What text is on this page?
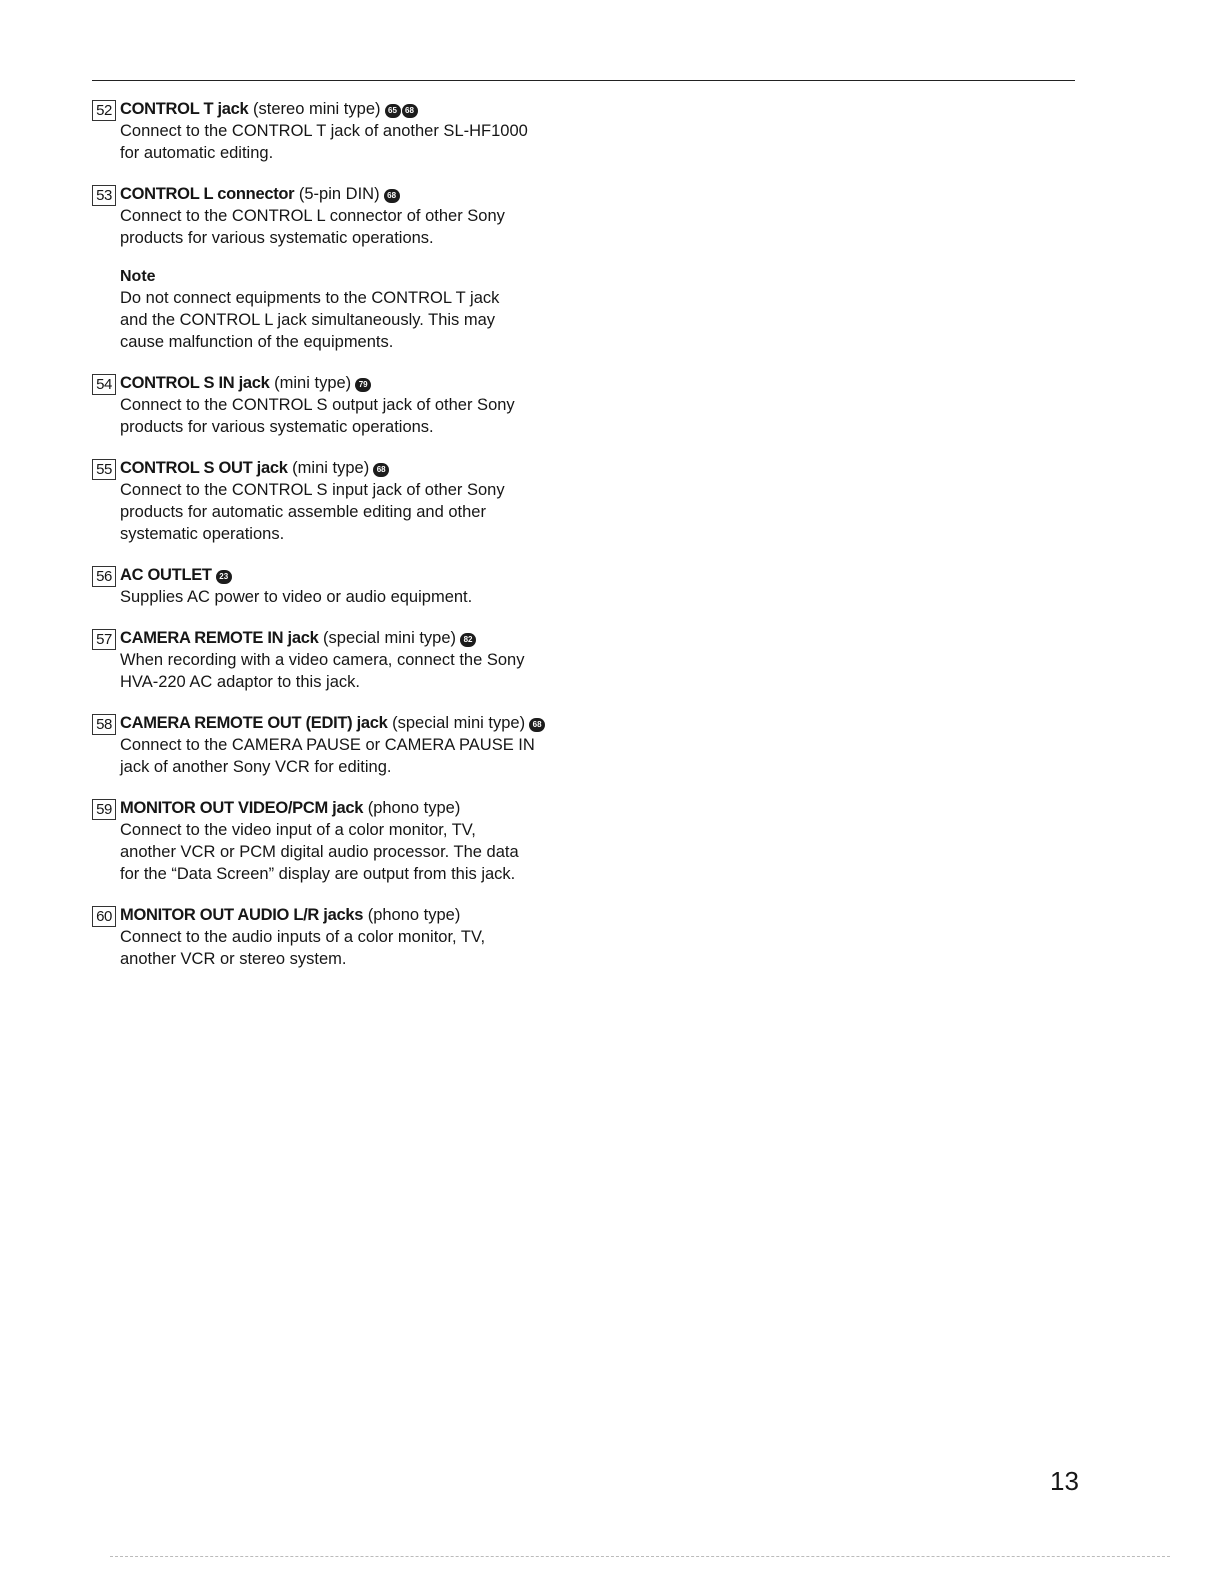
52 CONTROL T jack (stereo mini type) 65 68
Connect to the CONTROL T jack of another SL-HF1000
for automatic editing.
53 CONTROL L connector (5-pin DIN) 68
Connect to the CONTROL L connector of other Sony
products for various systematic operations.
Note
Do not connect equipments to the CONTROL T jack
and the CONTROL L jack simultaneously. This may
cause malfunction of the equipments.
54 CONTROL S IN jack (mini type) 79
Connect to the CONTROL S output jack of other Sony
products for various systematic operations.
55 CONTROL S OUT jack (mini type) 68
Connect to the CONTROL S input jack of other Sony
products for automatic assemble editing and other
systematic operations.
56 AC OUTLET 23
Supplies AC power to video or audio equipment.
57 CAMERA REMOTE IN jack (special mini type) 82
When recording with a video camera, connect the Sony
HVA-220 AC adaptor to this jack.
58 CAMERA REMOTE OUT (EDIT) jack (special mini type) 68
Connect to the CAMERA PAUSE or CAMERA PAUSE IN
jack of another Sony VCR for editing.
59 MONITOR OUT VIDEO/PCM jack (phono type)
Connect to the video input of a color monitor, TV,
another VCR or PCM digital audio processor. The data
for the “Data Screen” display are output from this jack.
60 MONITOR OUT AUDIO L/R jacks (phono type)
Connect to the audio inputs of a color monitor, TV,
another VCR or stereo system.
13
